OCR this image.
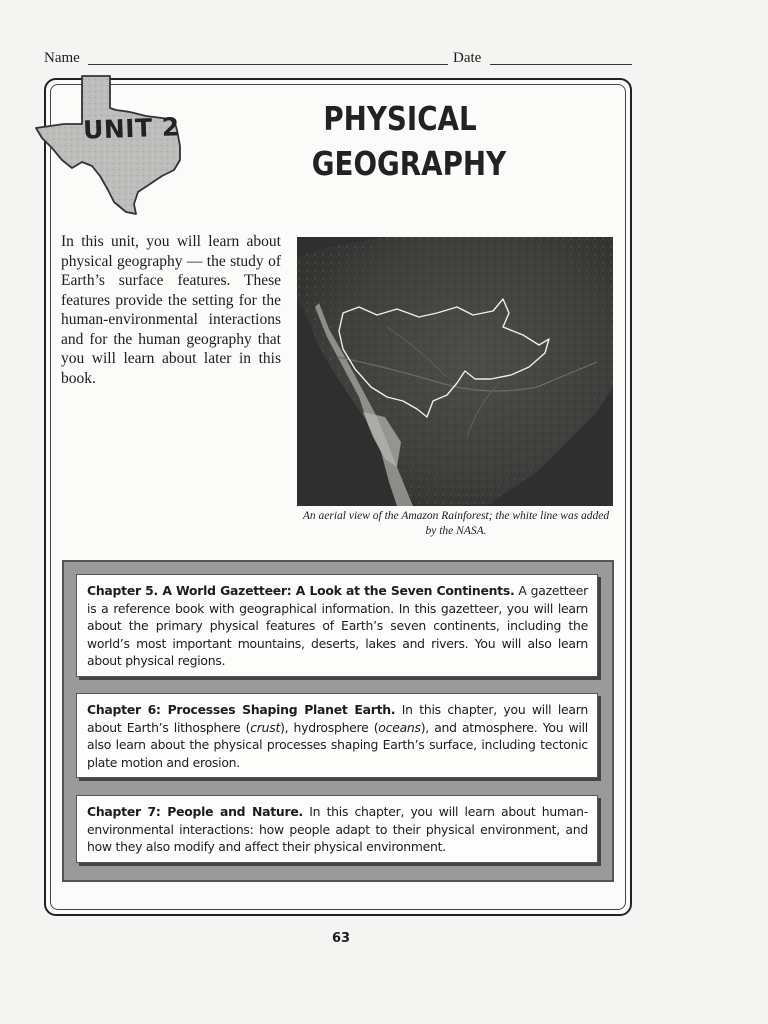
Name	Date
UNIT 2	PHYSICAL
GEOGRAPHY

In this unit, you will learn about physical geography — the study of Earth’s surface features. These features provide the setting for the human-environmental interactions and for the human geography that you will learn about later in this book.

An aerial view of the Amazon Rainforest; the white line was added by the NASA.
Chapter 5. A World Gazetteer: A Look at the Seven Continents. A gazetteer is a reference book with geographical information. In this gazetteer, you will learn about the primary physical features of Earth’s seven continents, including the world’s most important mountains, deserts, lakes and rivers. You will also learn about physical regions.
Chapter 6: Processes Shaping Planet Earth. In this chapter, you will learn about Earth’s lithosphere (crust), hydrosphere (oceans), and atmosphere. You will also learn about the physical processes shaping Earth’s surface, including tectonic plate motion and erosion.
Chapter 7: People and Nature. In this chapter, you will learn about human-environmental interactions: how people adapt to their physical environment, and how they also modify and affect their physical environment.
63
